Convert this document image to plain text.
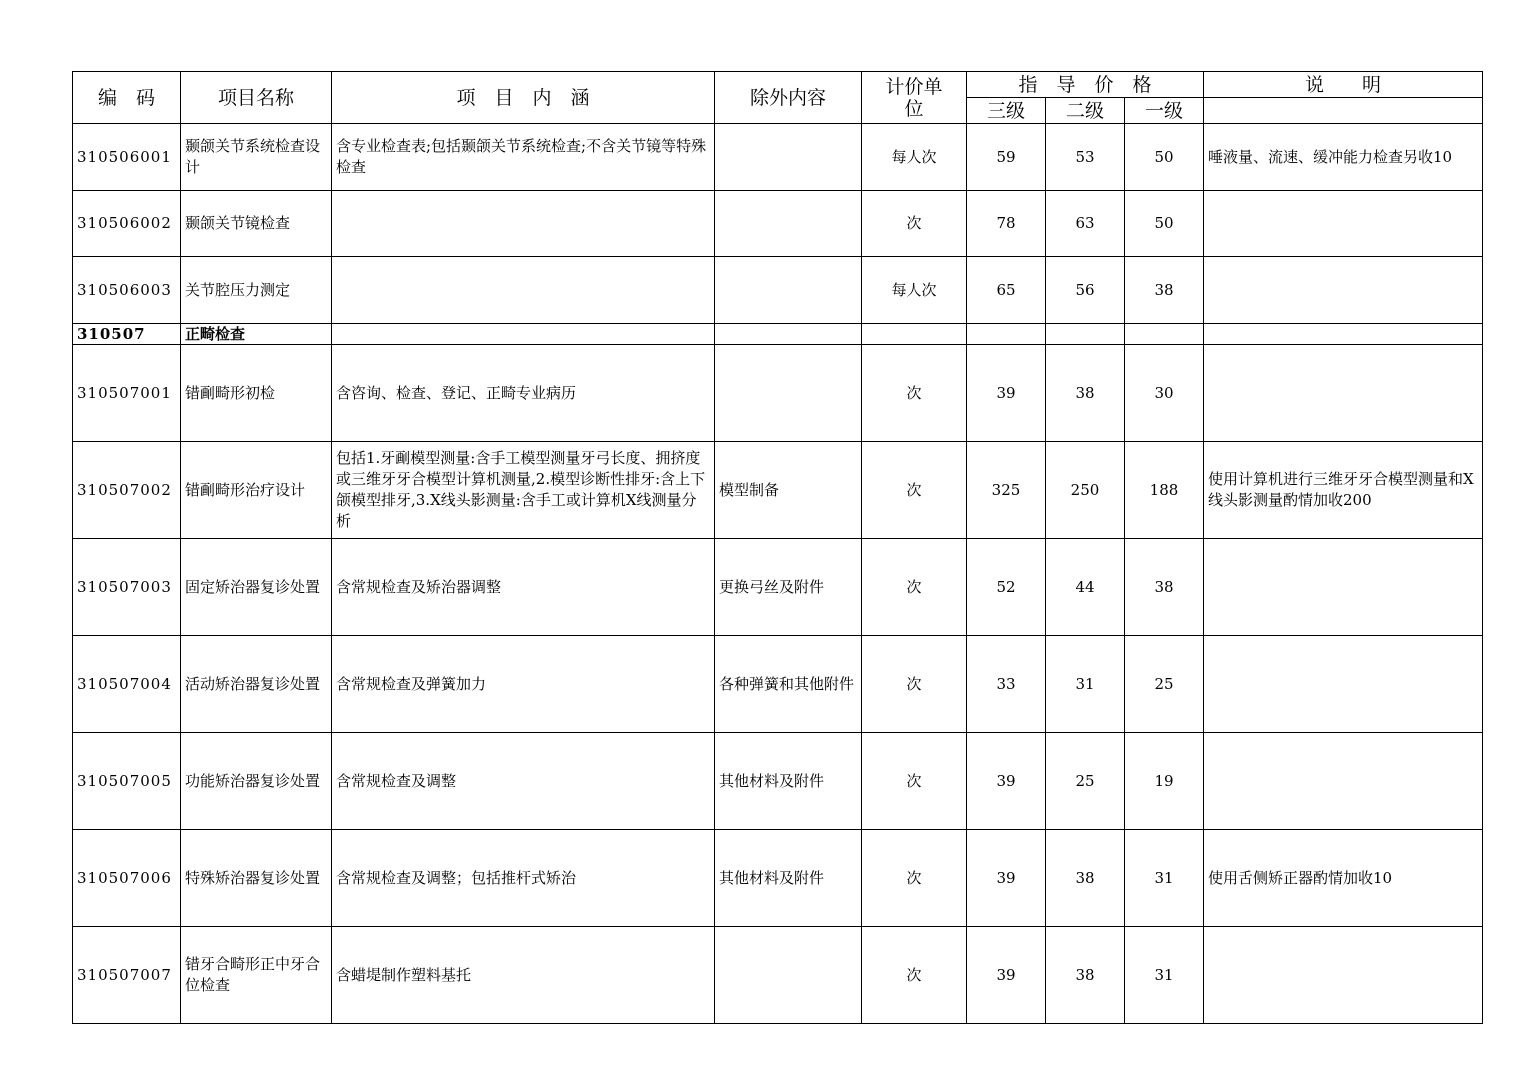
编　码	项目名称	项　目　内　涵	除外内容	计价单位	指　导　价　格			说　　明
					三级	二级	一级	
310506001	颞颌关节系统检查设计	含专业检查表;包括颞颌关节系统检查;不含关节镜等特殊检查		每人次	59	53	50	唾液量、流速、缓冲能力检查另收10
310506002	颞颌关节镜检查			次	78	63	50	
310506003	关节腔压力测定			每人次	65	56	38	
310507	正畸检查							
310507001	错㓰畸形初检	含咨询、检查、登记、正畸专业病历		次	39	38	30	
310507002	错㓰畸形治疗设计	包括1.牙㓰模型测量:含手工模型测量牙弓长度、拥挤度或三维牙牙合模型计算机测量,2.模型诊断性排牙:含上下颌模型排牙,3.X线头影测量:含手工或计算机X线测量分析	模型制备	次	325	250	188	使用计算机进行三维牙牙合模型测量和X线头影测量酌情加收200
310507003	固定矫治器复诊处置	含常规检查及矫治器调整	更换弓丝及附件	次	52	44	38	
310507004	活动矫治器复诊处置	含常规检查及弹簧加力	各种弹簧和其他附件	次	33	31	25	
310507005	功能矫治器复诊处置	含常规检查及调整	其他材料及附件	次	39	25	19	
310507006	特殊矫治器复诊处置	含常规检查及调整；包括推杆式矫治	其他材料及附件	次	39	38	31	使用舌侧矫正器酌情加收10
310507007	错牙合畸形正中牙合位检查	含蜡堤制作塑料基托		次	39	38	31	
